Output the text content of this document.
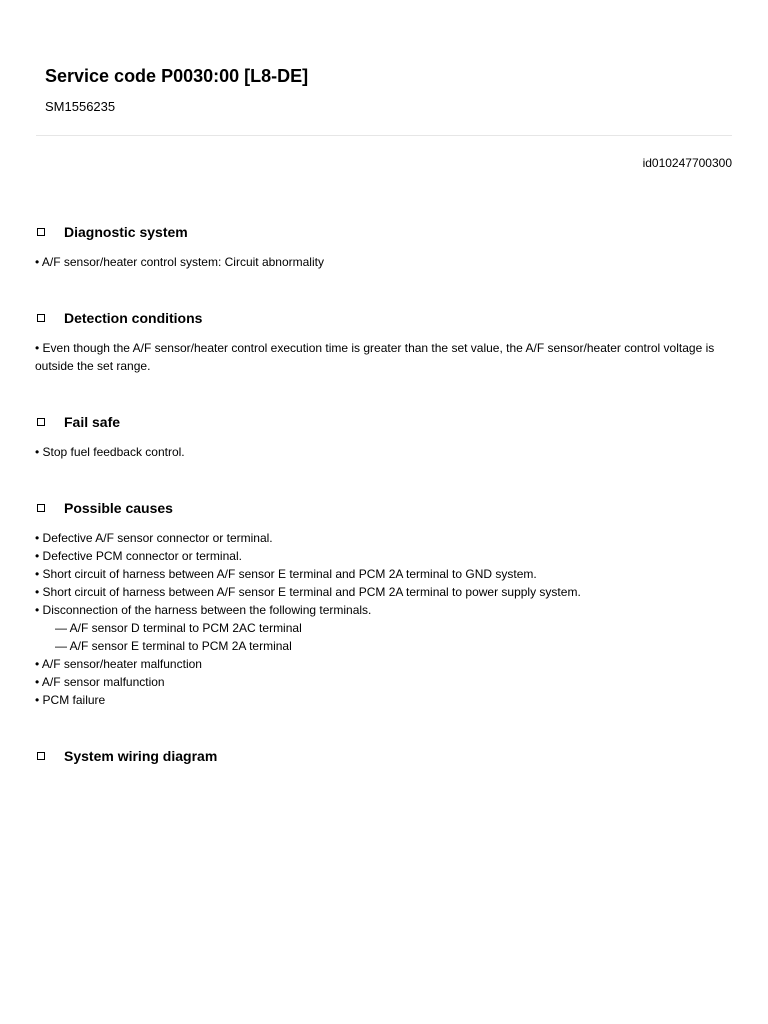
Service code P0030:00 [L8-DE]
SM1556235
id010247700300
Diagnostic system

• A/F sensor/heater control system: Circuit abnormality

Detection conditions

• Even though the A/F sensor/heater control execution time is greater than the set value, the A/F sensor/heater control voltage is outside the set range.

Fail safe

• Stop fuel feedback control.

Possible causes

• Defective A/F sensor connector or terminal.

• Defective PCM connector or terminal.

• Short circuit of harness between A/F sensor E terminal and PCM 2A terminal to GND system.

• Short circuit of harness between A/F sensor E terminal and PCM 2A terminal to power supply system.

• Disconnection of the harness between the following terminals.

— A/F sensor D terminal to PCM 2AC terminal

— A/F sensor E terminal to PCM 2A terminal

• A/F sensor/heater malfunction

• A/F sensor malfunction

• PCM failure

System wiring diagram
